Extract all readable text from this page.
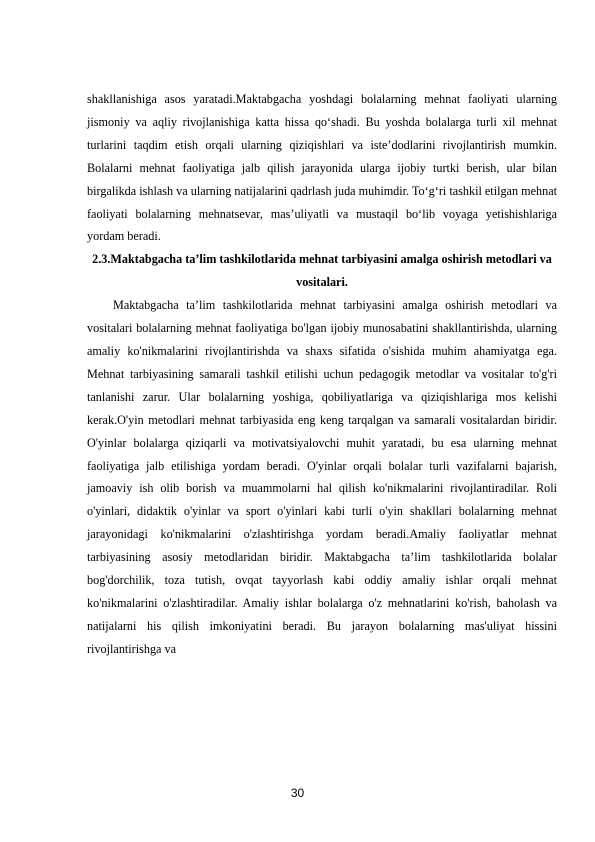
shakllanishiga asos yaratadi.Maktabgacha yoshdagi bolalarning mehnat faoliyati ularning jismoniy va aqliy rivojlanishiga katta hissa qo‘shadi. Bu yoshda bolalarga turli xil mehnat turlarini taqdim etish orqali ularning qiziqishlari va iste’dodlarini rivojlantirish mumkin. Bolalarni mehnat faoliyatiga jalb qilish jarayonida ularga ijobiy turtki berish, ular bilan birgalikda ishlash va ularning natijalarini qadrlash juda muhimdir. To‘g‘ri tashkil etilgan mehnat faoliyati bolalarning mehnatsevar, mas’uliyatli va mustaqil bo‘lib voyaga yetishishlariga yordam beradi.

2.3.Maktabgacha ta’lim tashkilotlarida mehnat tarbiyasini amalga oshirish metodlari va vositalari.

Maktabgacha ta’lim tashkilotlarida mehnat tarbiyasini amalga oshirish metodlari va vositalari bolalarning mehnat faoliyatiga bo'lgan ijobiy munosabatini shakllantirishda, ularning amaliy ko'nikmalarini rivojlantirishda va shaxs sifatida o'sishida muhim ahamiyatga ega. Mehnat tarbiyasining samarali tashkil etilishi uchun pedagogik metodlar va vositalar to'g'ri tanlanishi zarur. Ular bolalarning yoshiga, qobiliyatlariga va qiziqishlariga mos kelishi kerak.O'yin metodlari mehnat tarbiyasida eng keng tarqalgan va samarali vositalardan biridir. O'yinlar bolalarga qiziqarli va motivatsiyalovchi muhit yaratadi, bu esa ularning mehnat faoliyatiga jalb etilishiga yordam beradi. O'yinlar orqali bolalar turli vazifalarni bajarish, jamoaviy ish olib borish va muammolarni hal qilish ko'nikmalarini rivojlantiradilar. Roli o'yinlari, didaktik o'yinlar va sport o'yinlari kabi turli o'yin shakllari bolalarning mehnat jarayonidagi ko'nikmalarini o'zlashtirishga yordam beradi.Amaliy faoliyatlar mehnat tarbiyasining asosiy metodlaridan biridir. Maktabgacha ta’lim tashkilotlarida bolalar bog'dorchilik, toza tutish, ovqat tayyorlash kabi oddiy amaliy ishlar orqali mehnat ko'nikmalarini o'zlashtiradilar. Amaliy ishlar bolalarga o'z mehnatlarini ko'rish, baholash va natijalarni his qilish imkoniyatini beradi. Bu jarayon bolalarning mas'uliyat hissini rivojlantirishga va

30
